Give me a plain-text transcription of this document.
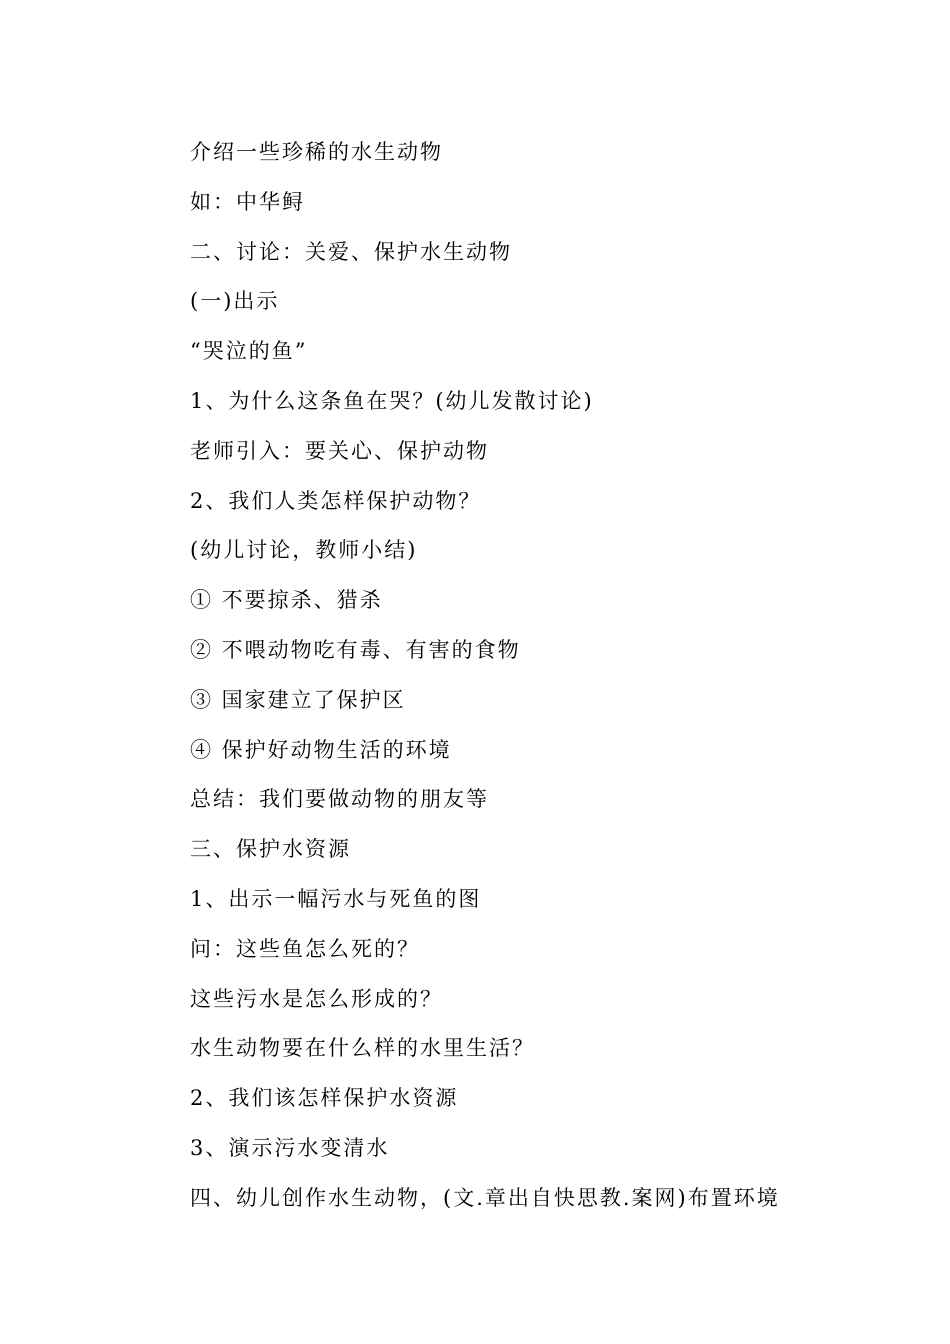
介绍一些珍稀的水生动物
如：中华鲟
二、讨论：关爱、保护水生动物
(一)出示
“哭泣的鱼”
1、为什么这条鱼在哭？(幼儿发散讨论)
老师引入：要关心、保护动物
2、我们人类怎样保护动物？
(幼儿讨论，教师小结)
① 不要掠杀、猎杀
② 不喂动物吃有毒、有害的食物
③ 国家建立了保护区
④ 保护好动物生活的环境
总结：我们要做动物的朋友等
三、保护水资源
1、出示一幅污水与死鱼的图
问：这些鱼怎么死的？
这些污水是怎么形成的？
水生动物要在什么样的水里生活？
2、我们该怎样保护水资源
3、演示污水变清水
四、幼儿创作水生动物，(文.章出自快思教.案网)布置环境
